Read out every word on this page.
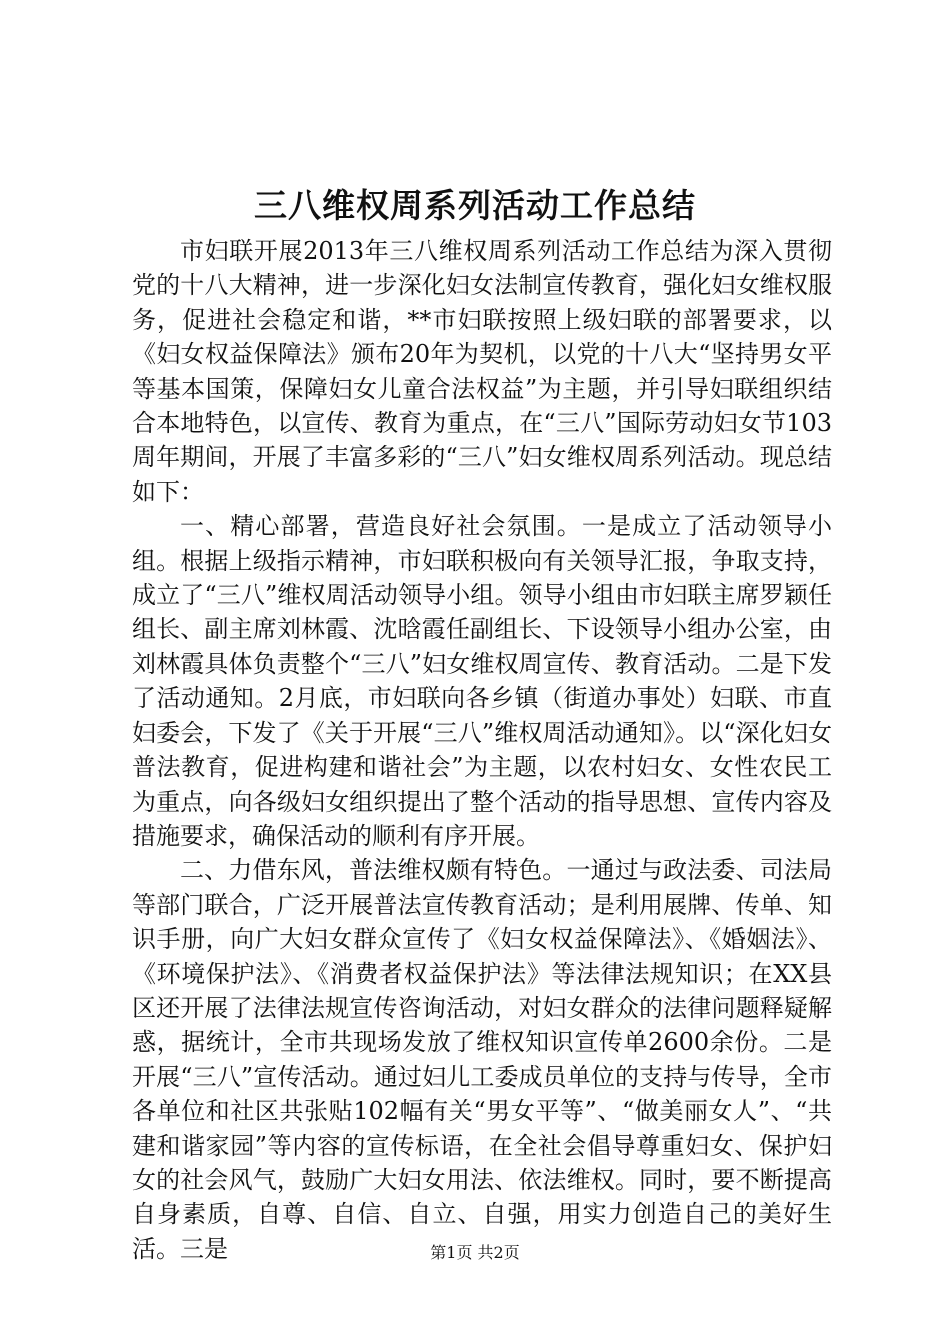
三八维权周系列活动工作总结

市妇联开展2013年三八维权周系列活动工作总结为深入贯彻党的十八大精神，进一步深化妇女法制宣传教育，强化妇女维权服务，促进社会稳定和谐，**市妇联按照上级妇联的部署要求，以《妇女权益保障法》颁布20年为契机，以党的十八大“坚持男女平等基本国策，保障妇女儿童合法权益”为主题，并引导妇联组织结合本地特色，以宣传、教育为重点，在“三八”国际劳动妇女节103周年期间，开展了丰富多彩的“三八”妇女维权周系列活动。现总结如下：

一、精心部署，营造良好社会氛围。一是成立了活动领导小组。根据上级指示精神，市妇联积极向有关领导汇报，争取支持，成立了“三八”维权周活动领导小组。领导小组由市妇联主席罗颖任组长、副主席刘林霞、沈晗霞任副组长、下设领导小组办公室，由刘林霞具体负责整个“三八”妇女维权周宣传、教育活动。二是下发了活动通知。2月底，市妇联向各乡镇（街道办事处）妇联、市直妇委会，下发了《关于开展“三八”维权周活动通知》。以“深化妇女普法教育，促进构建和谐社会”为主题，以农村妇女、女性农民工为重点，向各级妇女组织提出了整个活动的指导思想、宣传内容及措施要求，确保活动的顺利有序开展。

二、力借东风，普法维权颇有特色。一通过与政法委、司法局等部门联合，广泛开展普法宣传教育活动；是利用展牌、传单、知识手册，向广大妇女群众宣传了《妇女权益保障法》、《婚姻法》、《环境保护法》、《消费者权益保护法》等法律法规知识；在XX县区还开展了法律法规宣传咨询活动，对妇女群众的法律问题释疑解惑，据统计，全市共现场发放了维权知识宣传单2600余份。二是开展“三八”宣传活动。通过妇儿工委成员单位的支持与传导，全市各单位和社区共张贴102幅有关“男女平等”、“做美丽女人”、“共建和谐家园”等内容的宣传标语，在全社会倡导尊重妇女、保护妇女的社会风气，鼓励广大妇女用法、依法维权。同时，要不断提高自身素质，自尊、自信、自立、自强，用实力创造自己的美好生活。三是	第1页 共2页
